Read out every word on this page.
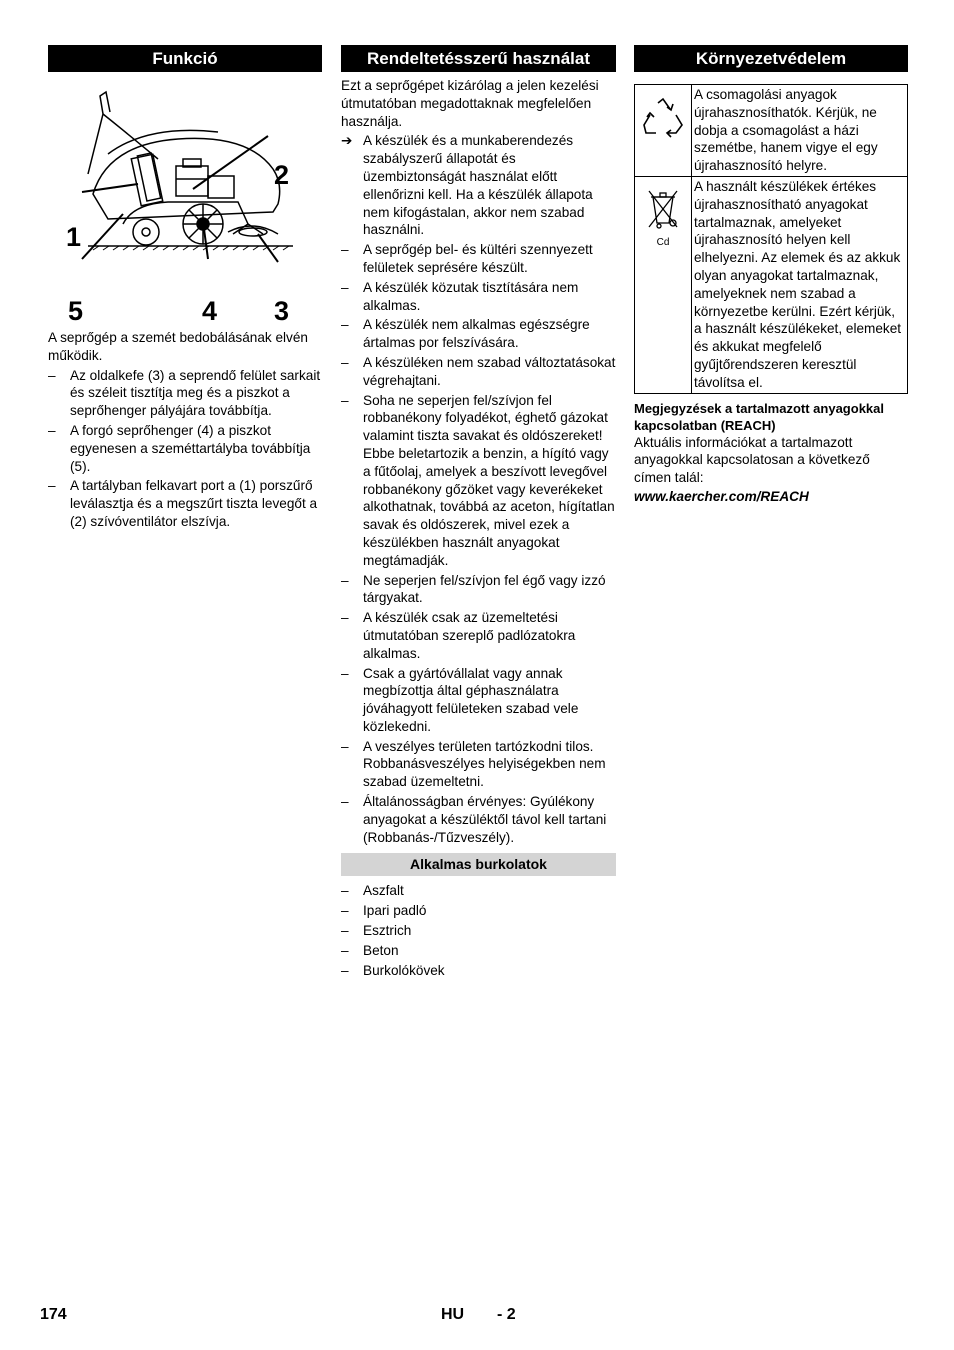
Funkció
1
2
5	4 3

A seprőgép a szemét bedobálásának elvén működik.

– Az oldalkefe (3) a seprendő felület sarkait és széleit tisztítja meg és a piszkot a seprőhenger pályájára továbbítja.
– A forgó seprőhenger (4) a piszkot egyenesen a szeméttartályba továbbítja (5).
– A tartályban felkavart port a (1) porszűrő leválasztja és a megszűrt tiszta levegőt a (2) szívóventilátor elszívja.
Rendeltetésszerű használat

Ezt a seprőgépet kizárólag a jelen kezelési útmutatóban megadottaknak megfelelően használja.

➔ A készülék és a munkaberendezés szabályszerű állapotát és üzembiztonságát használat előtt ellenőrizni kell. Ha a készülék állapota nem kifogástalan, akkor nem szabad használni.
– A seprőgép bel- és kültéri szennyezett felületek seprésére készült.
– A készülék közutak tisztítására nem alkalmas.
– A készülék nem alkalmas egészségre ártalmas por felszívására.
– A készüléken nem szabad változtatásokat végrehajtani.
– Soha ne seperjen fel/szívjon fel robbanékony folyadékot, éghető gázokat valamint tiszta savakat és oldószereket! Ebbe beletartozik a benzin, a hígító vagy a fűtőolaj, amelyek a beszívott levegővel robbanékony gőzöket vagy keverékeket alkothatnak, továbbá az aceton, hígítatlan savak és oldószerek, mivel ezek a készülékben használt anyagokat megtámadják.
– Ne seperjen fel/szívjon fel égő vagy izzó tárgyakat.
– A készülék csak az üzemeltetési útmutatóban szereplő padlózatokra alkalmas.
– Csak a gyártóvállalat vagy annak megbízottja által géphasználatra jóváhagyott felületeken szabad vele közlekedni.
– A veszélyes területen tartózkodni tilos. Robbanásveszélyes helyiségekben nem szabad üzemeltetni.
– Általánosságban érvényes: Gyúlékony anyagokat a készüléktől távol kell tartani (Robbanás-/Tűzveszély).
Alkalmas burkolatok
– Aszfalt
– Ipari padló
– Esztrich
– Beton
– Burkolókövek
Környezetvédelem
	A csomagolási anyagok újrahasznosíthatók. Kérjük, ne dobja a csomagolást a házi szemétbe, hanem vigye el egy újrahasznosító helyre.

Cd	A használt készülékek értékes újrahasznosítható anyagokat tartalmaznak, amelyeket újrahasznosító helyen kell elhelyezni. Az elemek és az akkuk olyan anyagokat tartalmaznak, amelyeknek nem szabad a környezetbe kerülni. Ezért kérjük, a használt készülékeket, elemeket és akkukat megfelelő gyűjtőrendszeren keresztül távolítsa el.
Megjegyzések a tartalmazott anyagokkal kapcsolatban (REACH)

Aktuális információkat a tartalmazott anyagokkal kapcsolatosan a következő címen talál:

www.kaercher.com/REACH

174	HU - 2
